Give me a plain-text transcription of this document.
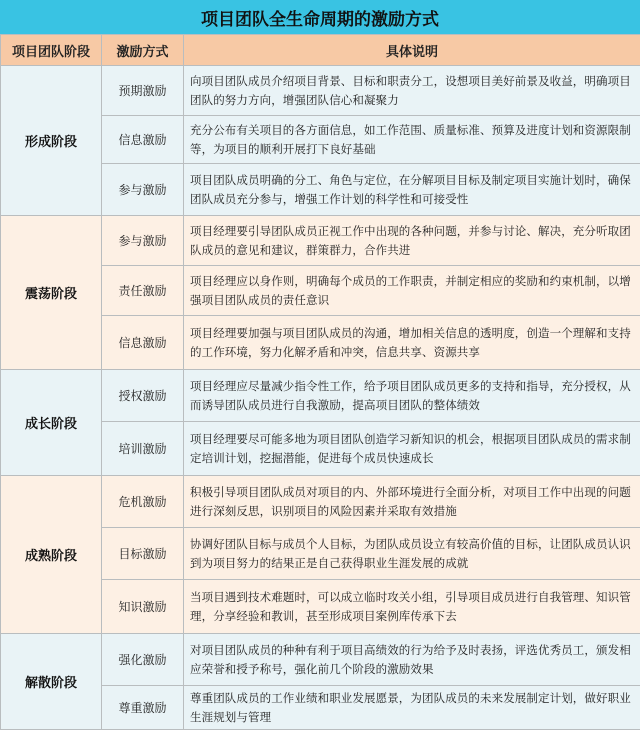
项目团队全生命周期的激励方式
项目团队阶段	激励方式	具体说明
形成阶段	预期激励	向项目团队成员介绍项目背景、目标和职责分工，设想项目美好前景及收益，明确项目团队的努力方向，增强团队信心和凝聚力
	信息激励	充分公布有关项目的各方面信息，如工作范围、质量标准、预算及进度计划和资源限制等，为项目的顺利开展打下良好基础
	参与激励	项目团队成员明确的分工、角色与定位，在分解项目目标及制定项目实施计划时，确保团队成员充分参与，增强工作计划的科学性和可接受性
震荡阶段	参与激励	项目经理要引导团队成员正视工作中出现的各种问题，并参与讨论、解决，充分听取团队成员的意见和建议，群策群力，合作共进
	责任激励	项目经理应以身作则，明确每个成员的工作职责，并制定相应的奖励和约束机制，以增强项目团队成员的责任意识
	信息激励	项目经理要加强与项目团队成员的沟通，增加相关信息的透明度，创造一个理解和支持的工作环境，努力化解矛盾和冲突，信息共享、资源共享
成长阶段	授权激励	项目经理应尽量减少指令性工作，给予项目团队成员更多的支持和指导，充分授权，从而诱导团队成员进行自我激励，提高项目团队的整体绩效
	培训激励	项目经理要尽可能多地为项目团队创造学习新知识的机会，根据项目团队成员的需求制定培训计划，挖掘潜能，促进每个成员快速成长
成熟阶段	危机激励	积极引导项目团队成员对项目的内、外部环境进行全面分析，对项目工作中出现的问题进行深刻反思，识别项目的风险因素并采取有效措施
	目标激励	协调好团队目标与成员个人目标，为团队成员设立有较高价值的目标，让团队成员认识到为项目努力的结果正是自己获得职业生涯发展的成就
	知识激励	当项目遇到技术难题时，可以成立临时攻关小组，引导项目成员进行自我管理、知识管理，分享经验和教训，甚至形成项目案例库传承下去
解散阶段	强化激励	对项目团队成员的种种有利于项目高绩效的行为给予及时表扬，评选优秀员工，颁发相应荣誉和授予称号，强化前几个阶段的激励效果
	尊重激励	尊重团队成员的工作业绩和职业发展愿景，为团队成员的未来发展制定计划，做好职业生涯规划与管理
